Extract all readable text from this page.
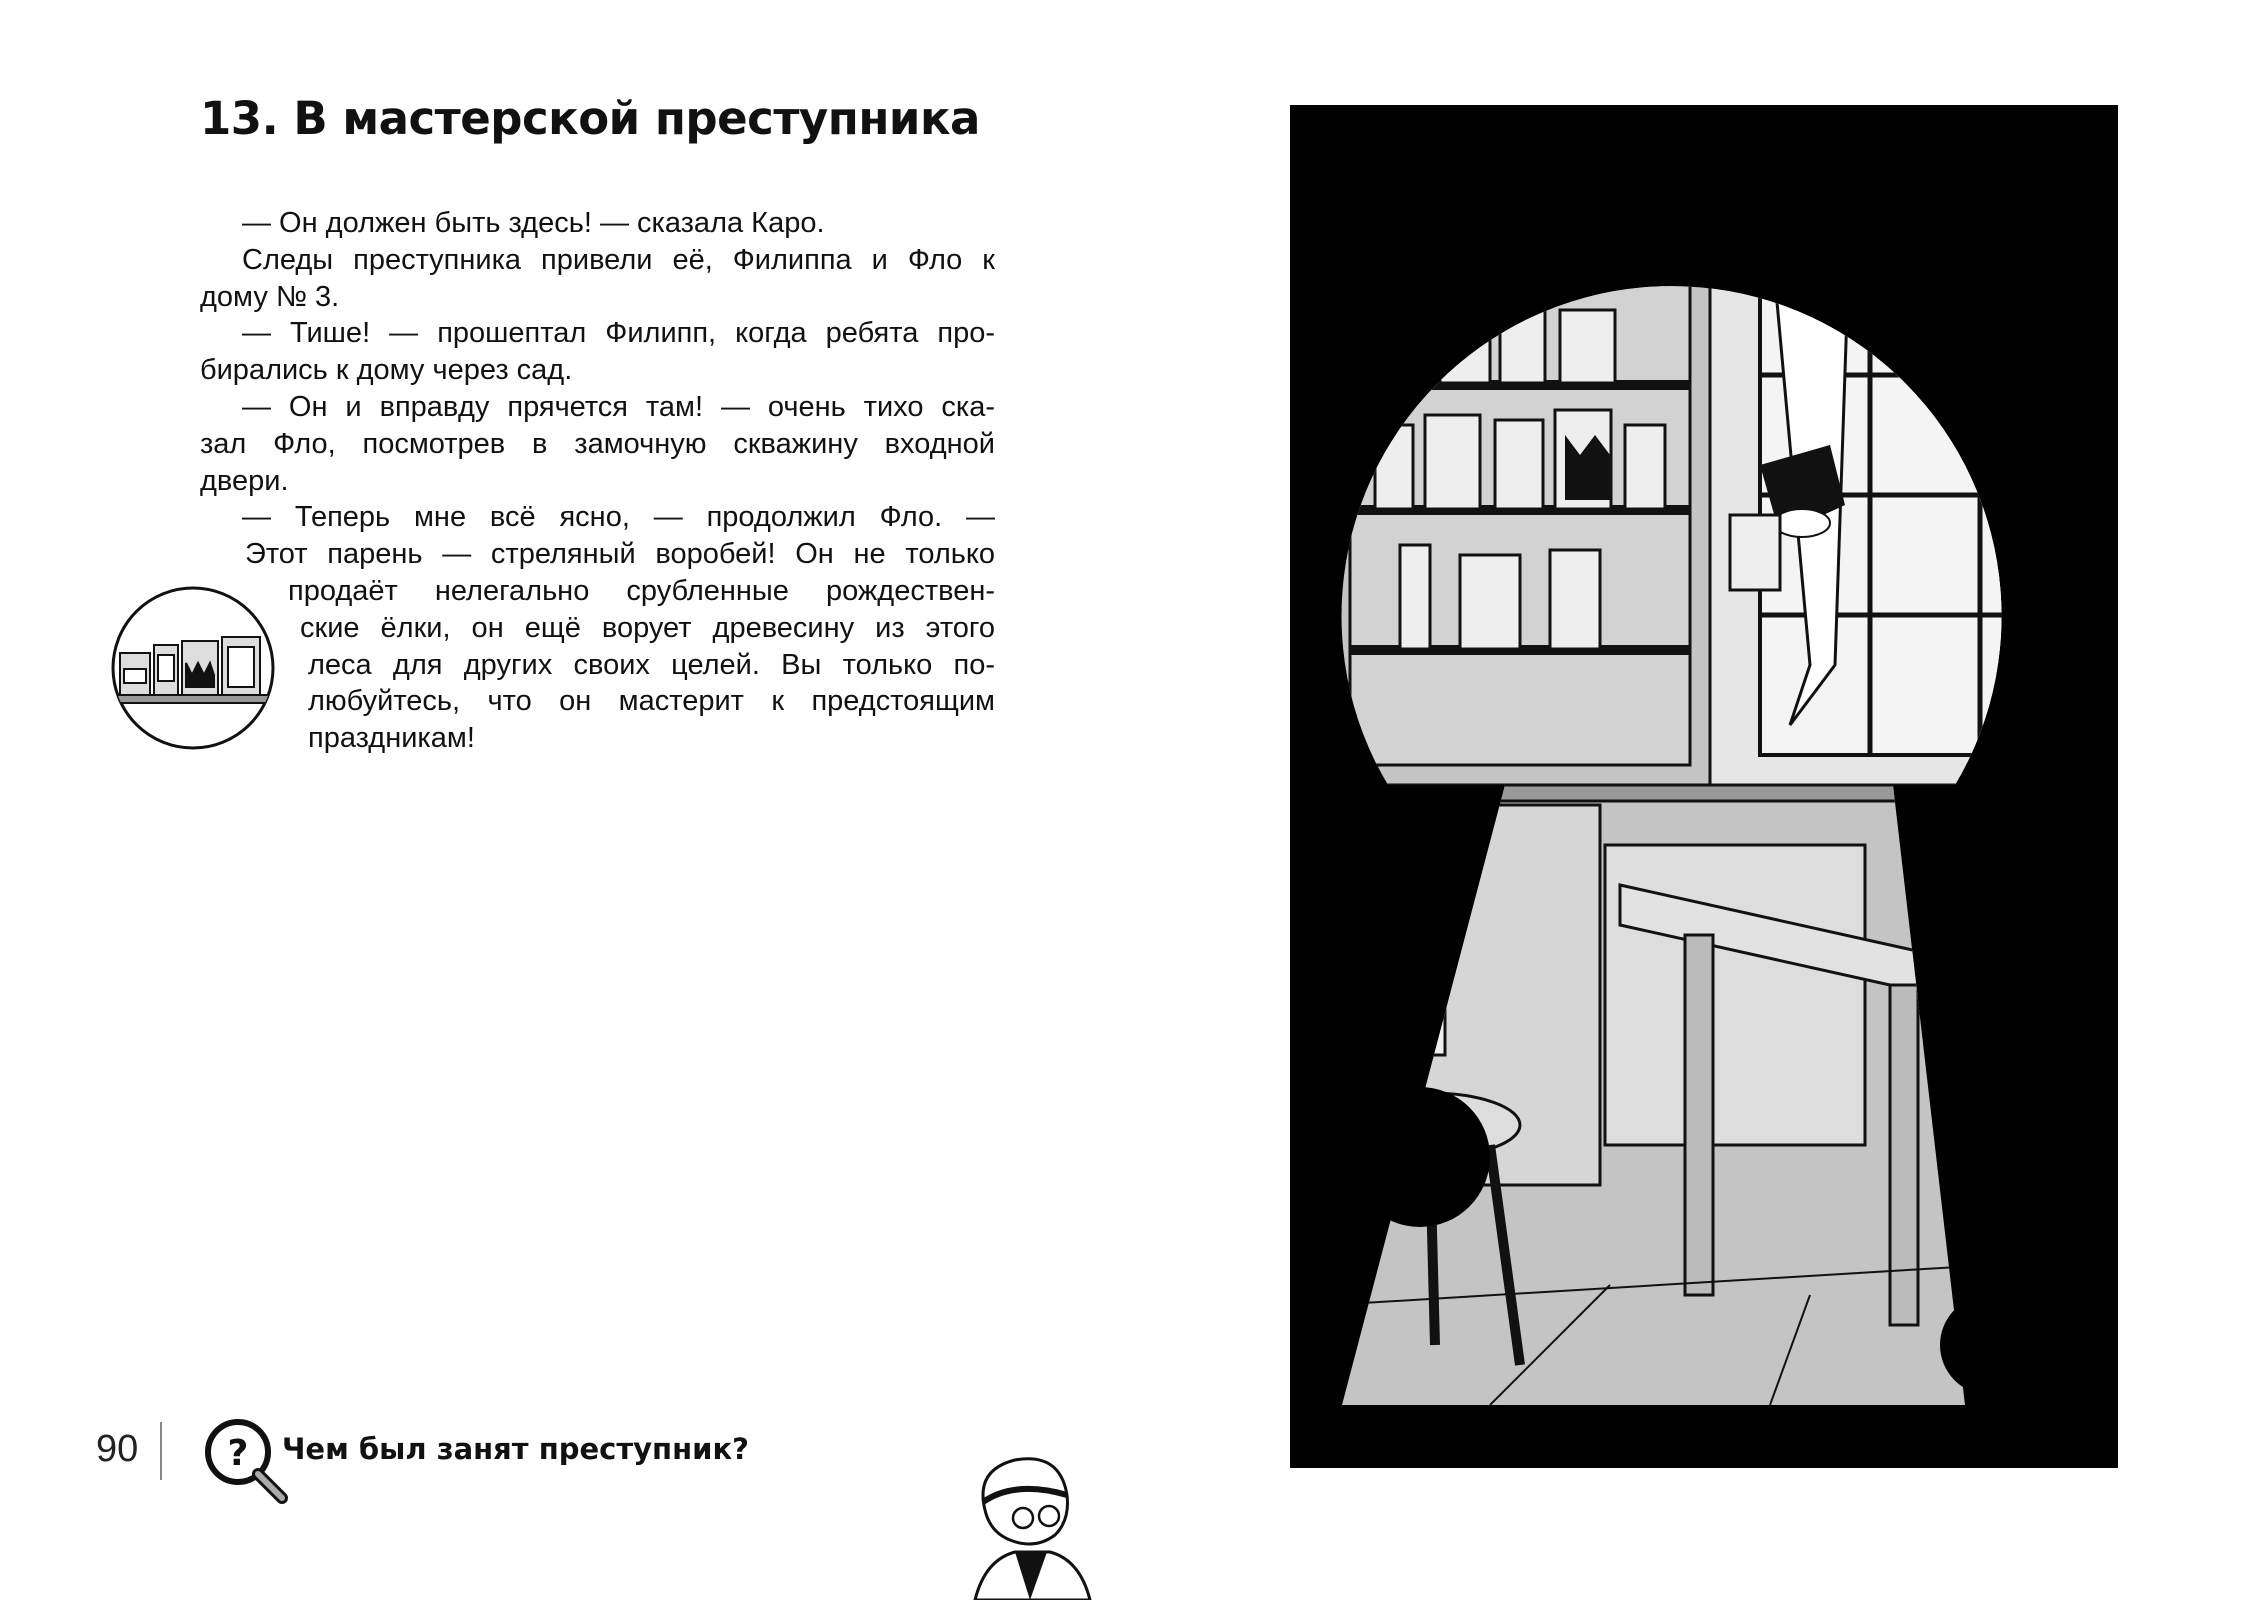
13. В мастерской преступника

— Он должен быть здесь! — сказала Каро.

Следы преступника привели её, Филиппа и Фло к

дому № 3.

— Тише! — прошептал Филипп, когда ребята про-

бирались к дому через сад.

— Он и вправду прячется там! — очень тихо ска-

зал Фло, посмотрев в замочную скважину входной

двери.

— Теперь мне всё ясно, — продолжил Фло. —

Этот парень — стреляный воробей! Он не только

продаёт нелегально срубленные рождествен-

ские ёлки, он ещё ворует древесину из этого

леса для других своих целей. Вы только по-

любуйтесь, что он мастерит к предстоящим

праздникам!

90 ? Чем был занят преступник?
